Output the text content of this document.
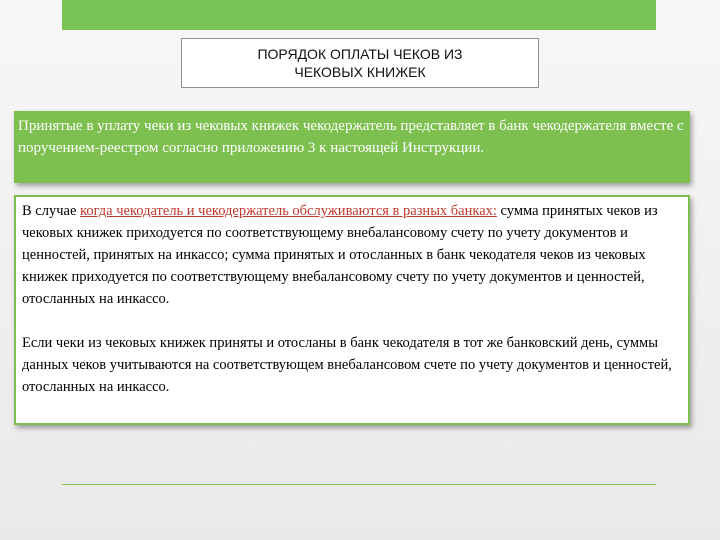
ПОРЯДОК ОПЛАТЫ ЧЕКОВ ИЗ
ЧЕКОВЫХ КНИЖЕК

Принятые в уплату чеки из чековых книжек чекодержатель представляет в банк чекодержателя вместе с поручением-реестром согласно приложению 3 к настоящей Инструкции.

В случае когда чекодатель и чекодержатель обслуживаются в разных банках: сумма принятых чеков из чековых книжек приходуется по соответствующему внебалансовому счету по учету документов и ценностей, принятых на инкассо; сумма принятых и отосланных в банк чекодателя чеков из чековых книжек приходуется по соответствующему внебалансовому счету по учету документов и ценностей, отосланных на инкассо.

Если чеки из чековых книжек приняты и отосланы в банк чекодателя в тот же банковский день, суммы данных чеков учитываются на соответствующем внебалансовом счете по учету документов и ценностей, отосланных на инкассо.
